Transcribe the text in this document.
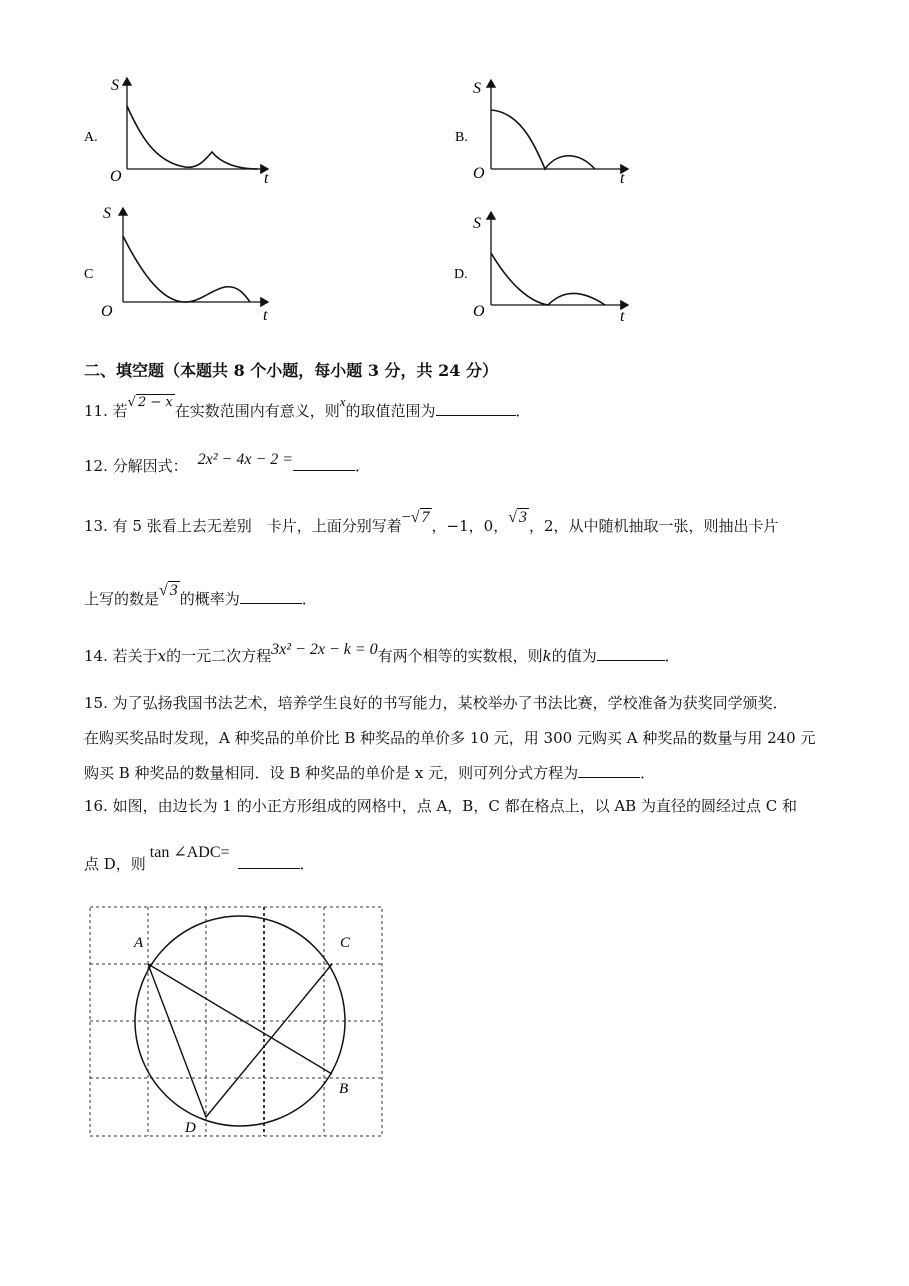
A.
S
O	t
B.
S
O	t
C
S
O	t
D.
S
O	t
二、填空题（本题共 8 个小题，每小题 3 分，共 24 分）
11. 若√ 2 − x 在实数范围内有意义，则x的取值范围为	．
12. 分解因式： 2x² − 4x − 2 =	．
13. 有 5 张看上去无差别　卡片，上面分别写着−√ 7 ，−1，0，√ 3 ，2，从中随机抽取一张，则抽出卡片
上写的数是√ 3 的概率为	．
14. 若关于x的一元二次方程3x² − 2x − k = 0有两个相等的实数根，则k的值为	．
15. 为了弘扬我国书法艺术，培养学生良好的书写能力，某校举办了书法比赛，学校准备为获奖同学颁奖．
在购买奖品时发现，A 种奖品的单价比 B 种奖品的单价多 10 元，用 300 元购买 A 种奖品的数量与用 240 元
购买 B 种奖品的数量相同．设 B 种奖品的单价是 x 元，则可列分式方程为	．
16. 如图，由边长为 1 的小正方形组成的网格中，点 A，B，C 都在格点上，以 AB 为直径的圆经过点 C 和
点 D，则tan ∠ADC=．
A	C
B
D
